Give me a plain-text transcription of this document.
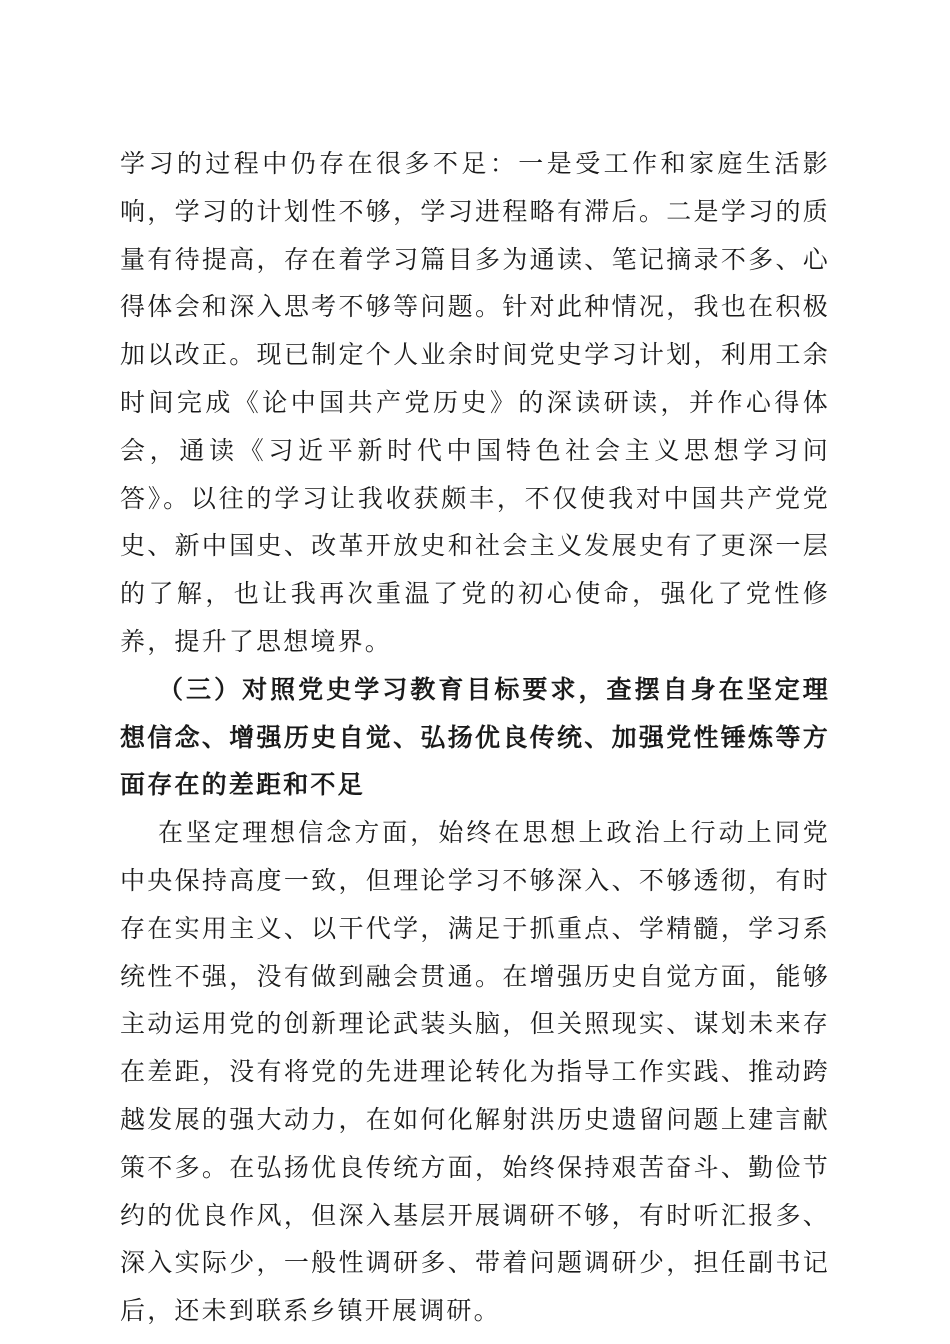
学习的过程中仍存在很多不足：一是受工作和家庭生活影响，学习的计划性不够，学习进程略有滞后。二是学习的质量有待提高，存在着学习篇目多为通读、笔记摘录不多、心得体会和深入思考不够等问题。针对此种情况，我也在积极加以改正。现已制定个人业余时间党史学习计划，利用工余时间完成《论中国共产党历史》的深读研读，并作心得体会，通读《习近平新时代中国特色社会主义思想学习问答》。以往的学习让我收获颇丰，不仅使我对中国共产党党史、新中国史、改革开放史和社会主义发展史有了更深一层的了解，也让我再次重温了党的初心使命，强化了党性修养，提升了思想境界。

（三）对照党史学习教育目标要求，查摆自身在坚定理想信念、增强历史自觉、弘扬优良传统、加强党性锤炼等方面存在的差距和不足

在坚定理想信念方面，始终在思想上政治上行动上同党中央保持高度一致，但理论学习不够深入、不够透彻，有时存在实用主义、以干代学，满足于抓重点、学精髓，学习系统性不强，没有做到融会贯通。在增强历史自觉方面，能够主动运用党的创新理论武装头脑，但关照现实、谋划未来存在差距，没有将党的先进理论转化为指导工作实践、推动跨越发展的强大动力，在如何化解射洪历史遗留问题上建言献策不多。在弘扬优良传统方面，始终保持艰苦奋斗、勤俭节约的优良作风，但深入基层开展调研不够，有时听汇报多、深入实际少，一般性调研多、带着问题调研少，担任副书记后，还未到联系乡镇开展调研。
